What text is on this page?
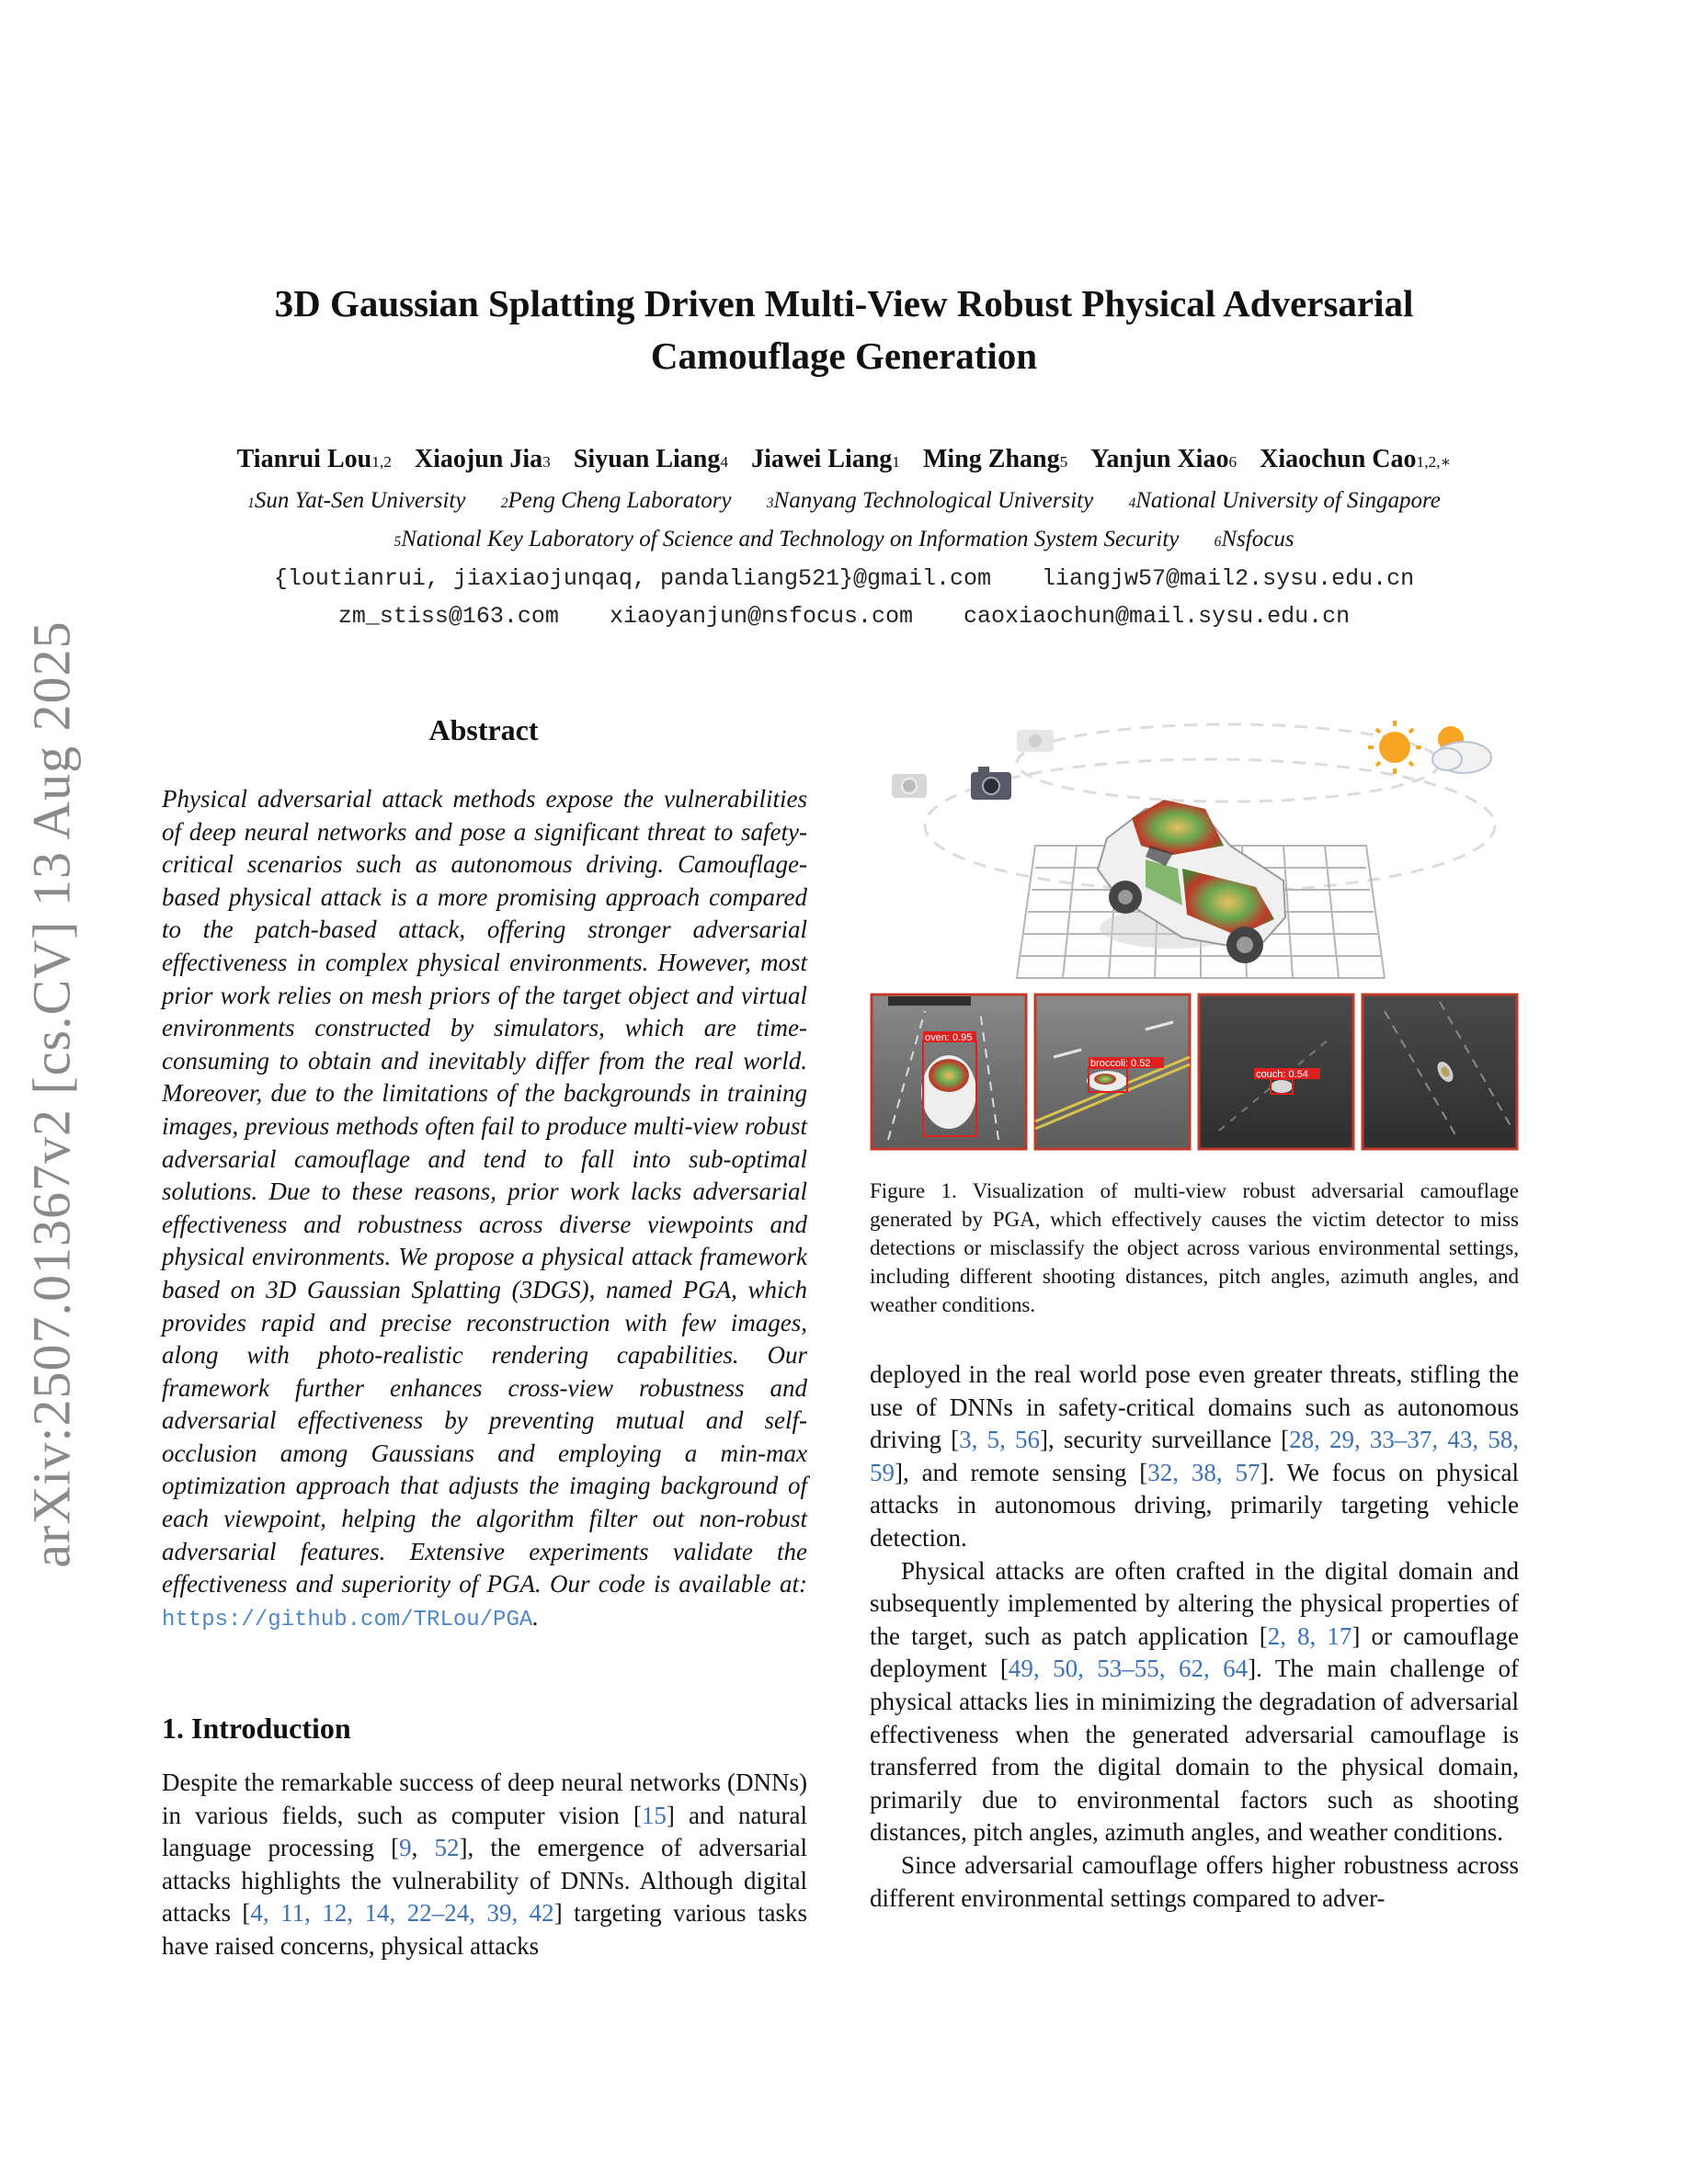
arXiv:2507.01367v2 [cs.CV] 13 Aug 2025
3D Gaussian Splatting Driven Multi-View Robust Physical Adversarial
Camouflage Generation
Tianrui Lou$^{1,2}$ Xiaojun Jia$^3$ Siyuan Liang$^4$ Jiawei Liang$^1$ Ming Zhang$^5$ Yanjun Xiao$^6$ Xiaochun Cao$^{1,2,∗}$
$^1$Sun Yat-Sen University $^2$Peng Cheng Laboratory $^3$Nanyang Technological University $^4$National University of Singapore
$^5$National Key Laboratory of Science and Technology on Information System Security $^6$Nsfocus
{loutianrui, jiaxiaojunqaq, pandaliang521}@gmail.com liangjw57@mail2.sysu.edu.cn
zm_stiss@163.com xiaoyanjun@nsfocus.com caoxiaochun@mail.sysu.edu.cn
Abstract
Physical adversarial attack methods expose the vulnerabilities of deep neural networks and pose a significant threat to safety-critical scenarios such as autonomous driving. Camouflage-based physical attack is a more promising approach compared to the patch-based attack, offering stronger adversarial effectiveness in complex physical environments. However, most prior work relies on mesh priors of the target object and virtual environments constructed by simulators, which are time-consuming to obtain and inevitably differ from the real world. Moreover, due to the limitations of the backgrounds in training images, previous methods often fail to produce multi-view robust adversarial camouflage and tend to fall into sub-optimal solutions. Due to these reasons, prior work lacks adversarial effectiveness and robustness across diverse viewpoints and physical environments. We propose a physical attack framework based on 3D Gaussian Splatting (3DGS), named PGA, which provides rapid and precise reconstruction with few images, along with photo-realistic rendering capabilities. Our framework further enhances cross-view robustness and adversarial effectiveness by preventing mutual and self-occlusion among Gaussians and employing a min-max optimization approach that adjusts the imaging background of each viewpoint, helping the algorithm filter out non-robust adversarial features. Extensive experiments validate the effectiveness and superiority of PGA. Our code is available at: https://github.com/TRLou/PGA.
1. Introduction
Despite the remarkable success of deep neural networks (DNNs) in various fields, such as computer vision [15] and natural language processing [9, 52], the emergence of adversarial attacks highlights the vulnerability of DNNs. Although digital attacks [4, 11, 12, 14, 22–24, 39, 42] targeting various tasks have raised concerns, physical attacks
oven: 0.95
broccoli: 0.52
couch: 0.54
Figure 1. Visualization of multi-view robust adversarial camouflage generated by PGA, which effectively causes the victim detector to miss detections or misclassify the object across various environmental settings, including different shooting distances, pitch angles, azimuth angles, and weather conditions.

deployed in the real world pose even greater threats, stifling the use of DNNs in safety-critical domains such as autonomous driving [3, 5, 56], security surveillance [28, 29, 33–37, 43, 58, 59], and remote sensing [32, 38, 57]. We focus on physical attacks in autonomous driving, primarily targeting vehicle detection.

Physical attacks are often crafted in the digital domain and subsequently implemented by altering the physical properties of the target, such as patch application [2, 8, 17] or camouflage deployment [49, 50, 53–55, 62, 64]. The main challenge of physical attacks lies in minimizing the degradation of adversarial effectiveness when the generated adversarial camouflage is transferred from the digital domain to the physical domain, primarily due to environmental factors such as shooting distances, pitch angles, azimuth angles, and weather conditions.

Since adversarial camouflage offers higher robustness across different environmental settings compared to adver-
